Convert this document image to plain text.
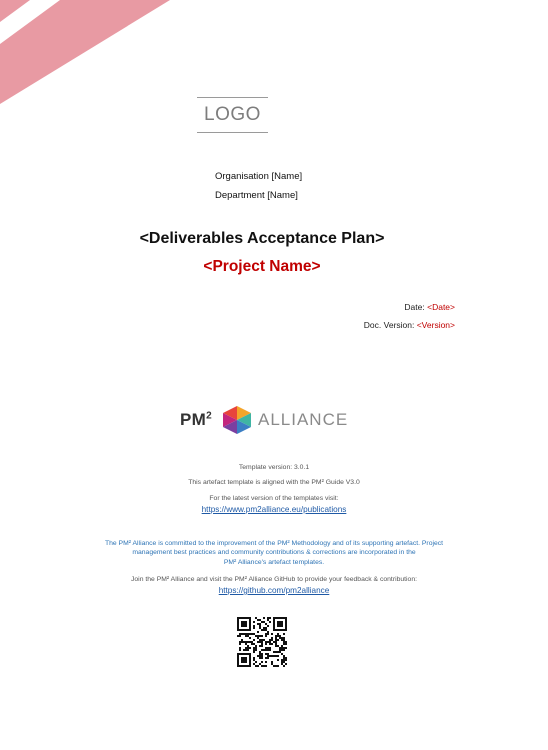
LOGO
Organisation [Name]
Department [Name]
<Deliverables Acceptance Plan>
<Project Name>
Date: <Date>
Doc. Version: <Version>
$PM^2$	ALLIANCE
Template version: 3.0.1
This artefact template is aligned with the PM² Guide V3.0
For the latest version of the templates visit:
https://www.pm2alliance.eu/publications
The PM² Alliance is committed to the improvement of the PM² Methodology and of its supporting artefact. Project
management best practices and community contributions & corrections are incorporated in the
PM² Alliance's artefact templates.
Join the PM² Alliance and visit the PM² Alliance GitHub to provide your feedback & contribution:
https://github.com/pm2alliance
